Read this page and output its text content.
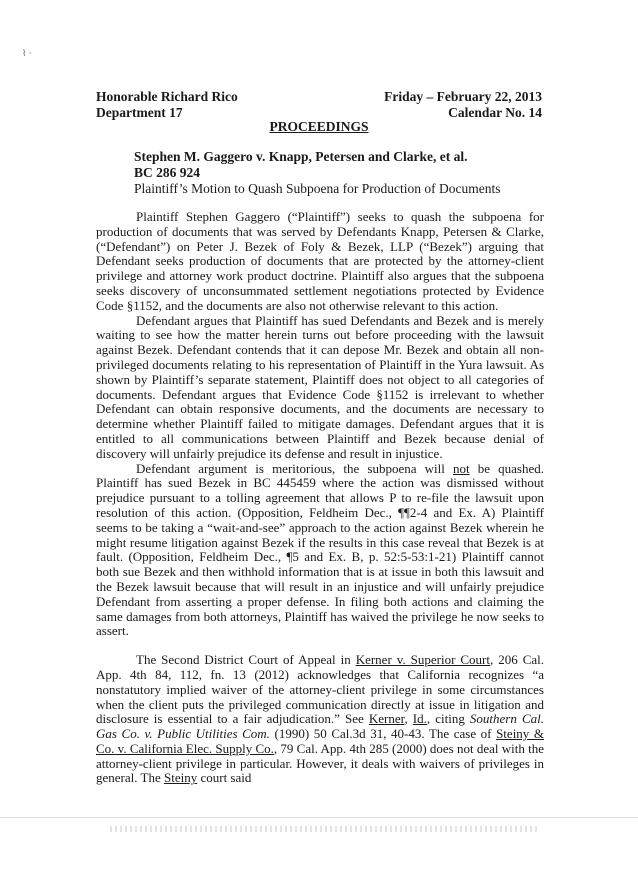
⌇ ·
Honorable Richard Rico
Department 17
Friday – February 22, 2013
Calendar No. 14
PROCEEDINGS
Stephen M. Gaggero v. Knapp, Petersen and Clarke, et al.
BC 286 924
Plaintiff’s Motion to Quash Subpoena for Production of Documents

Plaintiff Stephen Gaggero (“Plaintiff”) seeks to quash the subpoena for production of documents that was served by Defendants Knapp, Petersen & Clarke, (“Defendant”) on Peter J. Bezek of Foly & Bezek, LLP (“Bezek”) arguing that Defendant seeks production of documents that are protected by the attorney-client privilege and attorney work product doctrine. Plaintiff also argues that the subpoena seeks discovery of unconsummated settlement negotiations protected by Evidence Code §1152, and the documents are also not otherwise relevant to this action.

Defendant argues that Plaintiff has sued Defendants and Bezek and is merely waiting to see how the matter herein turns out before proceeding with the lawsuit against Bezek. Defendant contends that it can depose Mr. Bezek and obtain all non-privileged documents relating to his representation of Plaintiff in the Yura lawsuit. As shown by Plaintiff’s separate statement, Plaintiff does not object to all categories of documents. Defendant argues that Evidence Code §1152 is irrelevant to whether Defendant can obtain responsive documents, and the documents are necessary to determine whether Plaintiff failed to mitigate damages. Defendant argues that it is entitled to all communications between Plaintiff and Bezek because denial of discovery will unfairly prejudice its defense and result in injustice.

Defendant argument is meritorious, the subpoena will not be quashed. Plaintiff has sued Bezek in BC 445459 where the action was dismissed without prejudice pursuant to a tolling agreement that allows P to re-file the lawsuit upon resolution of this action. (Opposition, Feldheim Dec., ¶¶2-4 and Ex. A) Plaintiff seems to be taking a “wait-and-see” approach to the action against Bezek wherein he might resume litigation against Bezek if the results in this case reveal that Bezek is at fault. (Opposition, Feldheim Dec., ¶5 and Ex. B, p. 52:5-53:1-21) Plaintiff cannot both sue Bezek and then withhold information that is at issue in both this lawsuit and the Bezek lawsuit because that will result in an injustice and will unfairly prejudice Defendant from asserting a proper defense. In filing both actions and claiming the same damages from both attorneys, Plaintiff has waived the privilege he now seeks to assert.

The Second District Court of Appeal in Kerner v. Superior Court, 206 Cal. App. 4th 84, 112, fn. 13 (2012) acknowledges that California recognizes “a nonstatutory implied waiver of the attorney-client privilege in some circumstances when the client puts the privileged communication directly at issue in litigation and disclosure is essential to a fair adjudication.” See Kerner, Id., citing Southern Cal. Gas Co. v. Public Utilities Com. (1990) 50 Cal.3d 31, 40-43. The case of Steiny & Co. v. California Elec. Supply Co., 79 Cal. App. 4th 285 (2000) does not deal with the attorney-client privilege in particular. However, it deals with waivers of privileges in general. The Steiny court said
